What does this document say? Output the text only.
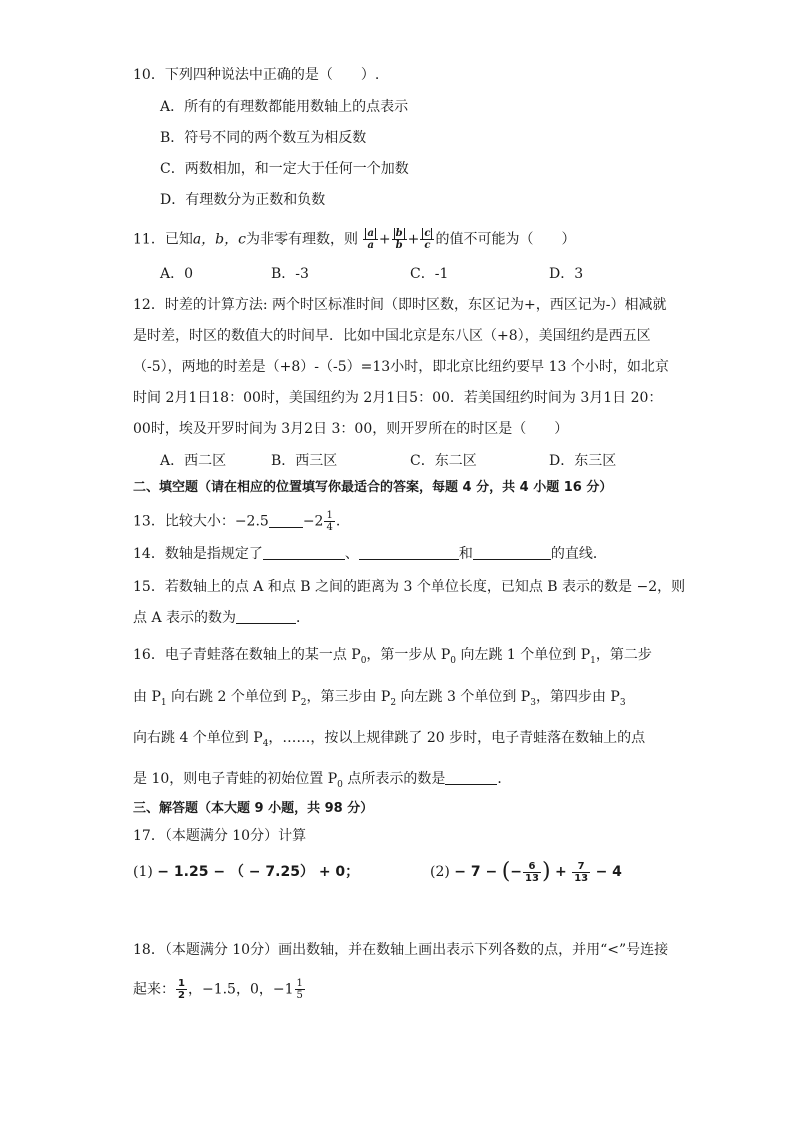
10．下列四种说法中正确的是（　　）.
A．所有的有理数都能用数轴上的点表示
B．符号不同的两个数互为相反数
C．两数相加，和一定大于任何一个加数
D．有理数分为正数和负数
11．已知a，b，c为非零有理数，则 $\frac{a}{a} + \frac{b}{b} + \frac{c}{c}$ 的值不可能为（　　）
A．0	B．-3	C．-1	D．3
12．时差的计算方法: 两个时区标准时间（即时区数，东区记为+，西区记为-）相减就
是时差，时区的数值大的时间早．比如中国北京是东八区（+8），美国纽约是西五区
（-5），两地的时差是（+8）-（-5）=13小时，即北京比纽约要早 13 个小时，如北京
时间 2月1日18：00时，美国纽约为 2月1日5：00．若美国纽约时间为 3月1日 20：
00时，埃及开罗时间为 3月2日 3：00，则开罗所在的时区是（　　）
A．西二区	B．西三区	C．东二区	D．东三区
二、填空题（请在相应的位置填写你最适合的答案，每题 4 分，共 4 小题 16 分）
13．比较大小：$-2.5 -2 \frac{1}{4}$ .
14．数轴是指规定了	、	和	的直线．
15．若数轴上的点 A 和点 B 之间的距离为 3 个单位长度，已知点 B 表示的数是 −2，则
点 A 表示的数为	．
16．电子青蛙落在数轴上的某一点 $P_0$，第一步从 $P_0$ 向左跳 1 个单位到 $P_1$，第二步
由 $P_1$ 向右跳 2 个单位到 $P_2$，第三步由 $P_2$ 向左跳 3 个单位到 $P_3$，第四步由 $P_3$
向右跳 4 个单位到 $P_4$，……，按以上规律跳了 20 步时，电子青蛙落在数轴上的点
是 10，则电子青蛙的初始位置 $P_0$ 点所表示的数是	．
三、解答题（本大题 9 小题，共 98 分）
17．（本题满分 10分）计算
(1) − 1.25 − （ − 7.25） + 0；	(2) − 7 − (− $\frac{6}{13}$ ) + $\frac{7}{13} - 4$
18．（本题满分 10分）画出数轴，并在数轴上画出表示下列各数的点，并用“<”号连接
起来： $\frac{1}{2}$ ，−1.5，0，$-1 \frac{1}{5}$
